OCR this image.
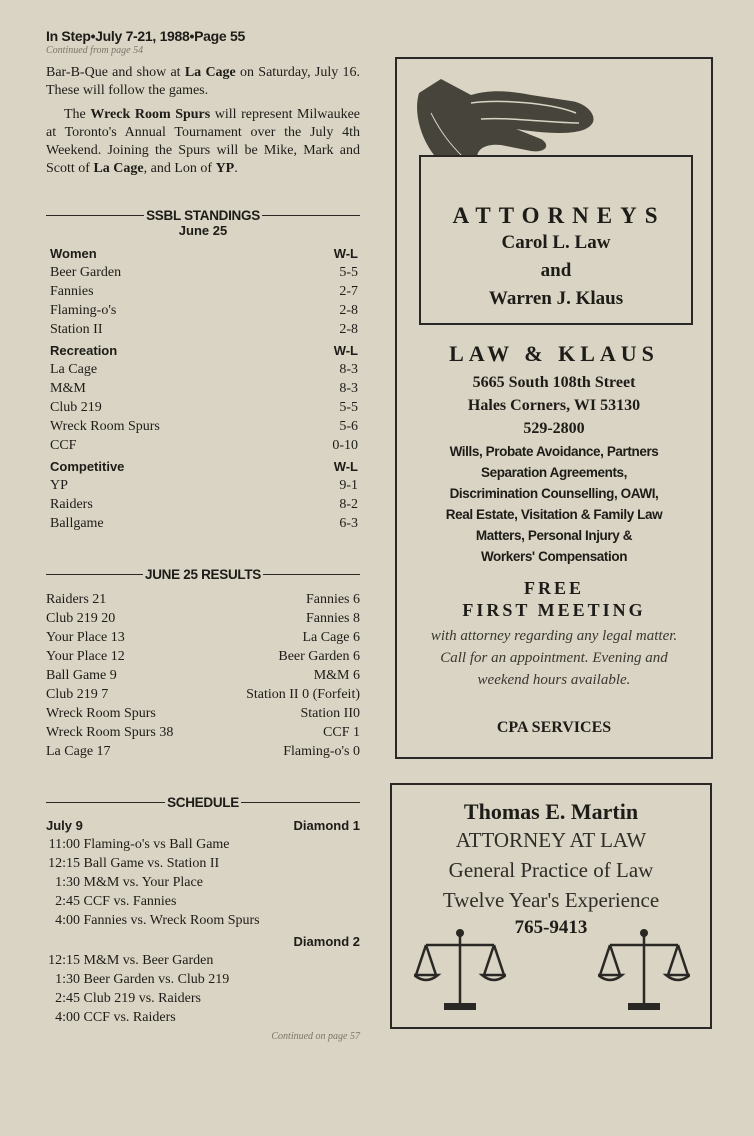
In Step•July 7-21, 1988•Page 55
Continued from page 54

Bar-B-Que and show at La Cage on Saturday, July 16. These will follow the games.

The Wreck Room Spurs will represent Milwaukee at Toronto's Annual Tournament over the July 4th Weekend. Joining the Spurs will be Mike, Mark and Scott of La Cage, and Lon of YP.

SSBL STANDINGS
June 25
Women	W-L
Beer Garden	5-5
Fannies	2-7
Flaming-o's	2-8
Station II	2-8
Recreation	W-L
La Cage	8-3
M&M	8-3
Club 219	5-5
Wreck Room Spurs	5-6
CCF	0-10
Competitive	W-L
YP	9-1
Raiders	8-2
Ballgame	6-3
JUNE 25 RESULTS
Raiders 21	Fannies 6
Club 219 20	Fannies 8
Your Place 13	La Cage 6
Your Place 12	Beer Garden 6
Ball Game 9	M&M 6
Club 219 7	Station II 0 (Forfeit)
Wreck Room Spurs	Station II0
Wreck Room Spurs 38	CCF 1
La Cage 17	Flaming-o's 0
SCHEDULE
July 9	Diamond 1
11:00 Flaming-o's vs Ball Game
12:15 Ball Game vs. Station II
1:30 M&M vs. Your Place
2:45 CCF vs. Fannies
4:00 Fannies vs. Wreck Room Spurs
Diamond 2
12:15 M&M vs. Beer Garden
1:30 Beer Garden vs. Club 219
2:45 Club 219 vs. Raiders
4:00 CCF vs. Raiders
Continued on page 57
ATTORNEYS
Carol L. Law
and
Warren J. Klaus
LAW & KLAUS
5665 South 108th Street
Hales Corners, WI 53130
529-2800
Wills, Probate Avoidance, Partners
Separation Agreements,
Discrimination Counselling, OAWI,
Real Estate, Visitation & Family Law
Matters, Personal Injury &
Workers' Compensation
FREE
FIRST MEETING
with attorney regarding any legal matter. Call for an appointment. Evening and weekend hours available.
CPA SERVICES
Thomas E. Martin
ATTORNEY AT LAW
General Practice of Law
Twelve Year's Experience
765-9413
